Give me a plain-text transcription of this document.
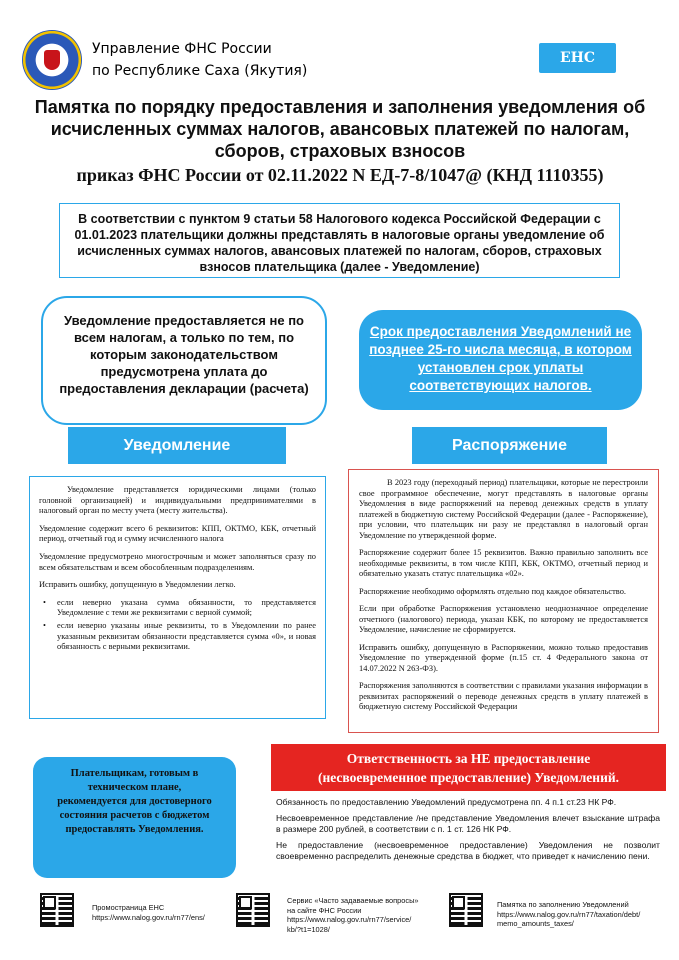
Управление ФНС России
по Республике Саха (Якутия)
ЕНС
Памятка по порядку предоставления и заполнения уведомления об
исчисленных суммах налогов, авансовых платежей по налогам,
сборов, страховых взносов
приказ ФНС России от 02.11.2022 N ЕД-7-8/1047@ (КНД 1110355)
В соответствии с пунктом 9 статьи 58 Налогового кодекса Российской Федерации с 01.01.2023 плательщики должны представлять в налоговые органы уведомление об исчисленных суммах налогов, авансовых платежей по налогам, сборов, страховых взносов плательщика (далее - Уведомление)
Уведомление предоставляется не по всем налогам, а только по тем, по которым законодательством предусмотрена уплата до предоставления декларации (расчета)
Срок предоставления Уведомлений не позднее 25-го числа месяца, в котором установлен срок уплаты соответствующих налогов.
Уведомление	Распоряжение

Уведомление представляется юридическими лицами (только головной организацией) и индивидуальными предпринимателями в налоговый орган по месту учета (месту жительства).

Уведомление содержит всего 6 реквизитов: КПП, ОКТМО, КБК, отчетный период, отчетный год и сумму исчисленного налога

Уведомление предусмотрено многострочным и может заполняться сразу по всем обязательствам и всем обособленным подразделениям.

Исправить ошибку, допущенную в Уведомлении легко.

• если неверно указана сумма обязанности, то представляется Уведомление с теми же реквизитами с верной суммой;
• если неверно указаны иные реквизиты, то в Уведомлении по ранее указанным реквизитам обязанности представляется сумма «0», и новая обязанность с верными реквизитами.

В 2023 году (переходный период) плательщики, которые не перестроили свое программное обеспечение, могут представлять в налоговые органы Уведомления в виде распоряжений на перевод денежных средств в уплату платежей в бюджетную систему Российской Федерации (далее - Распоряжение), при условии, что плательщик ни разу не представлял в налоговый орган Уведомление по утвержденной форме.

Распоряжение содержит более 15 реквизитов. Важно правильно заполнить все необходимые реквизиты, в том числе КПП, КБК, ОКТМО, отчетный период и обязательно указать статус плательщика «02».

Распоряжение необходимо оформлять отдельно под каждое обязательство.

Если при обработке Распоряжения установлено неоднозначное определение отчетного (налогового) периода, указан КБК, по которому не предоставляется Уведомление, начисление не сформируется.

Исправить ошибку, допущенную в Распоряжении, можно только предоставив Уведомление по утвержденной форме (п.15 ст. 4 Федерального закона от 14.07.2022 N 263-ФЗ).

Распоряжения заполняются в соответствии с правилами указания информации в реквизитах распоряжений о переводе денежных средств в уплату платежей в бюджетную систему Российской Федерации

Плательщикам, готовым в техническом плане, рекомендуется для достоверного состояния расчетов с бюджетом предоставлять Уведомления.
Ответственность за НЕ предоставление
(несвоевременное предоставление) Уведомлений.
Обязанность по предоставлению Уведомлений предусмотрена пп. 4 п.1 ст.23 НК РФ.
Несвоевременное представление /не представление Уведомления влечет взыскание штрафа в размере 200 рублей, в соответствии с п. 1 ст. 126 НК РФ.
Не предоставление (несвоевременное предоставление) Уведомления не позволит своевременно распределить денежные средства в бюджет, что приведет к начислению пени.
Промостраница ЕНС
https://www.nalog.gov.ru/rn77/ens/
Сервис «Часто задаваемые вопросы»
на сайте ФНС России
https://www.nalog.gov.ru/rn77/service/
kb/?t1=1028/
Памятка по заполнению Уведомлений
https://www.nalog.gov.ru/rn77/taxation/debt/
memo_amounts_taxes/
